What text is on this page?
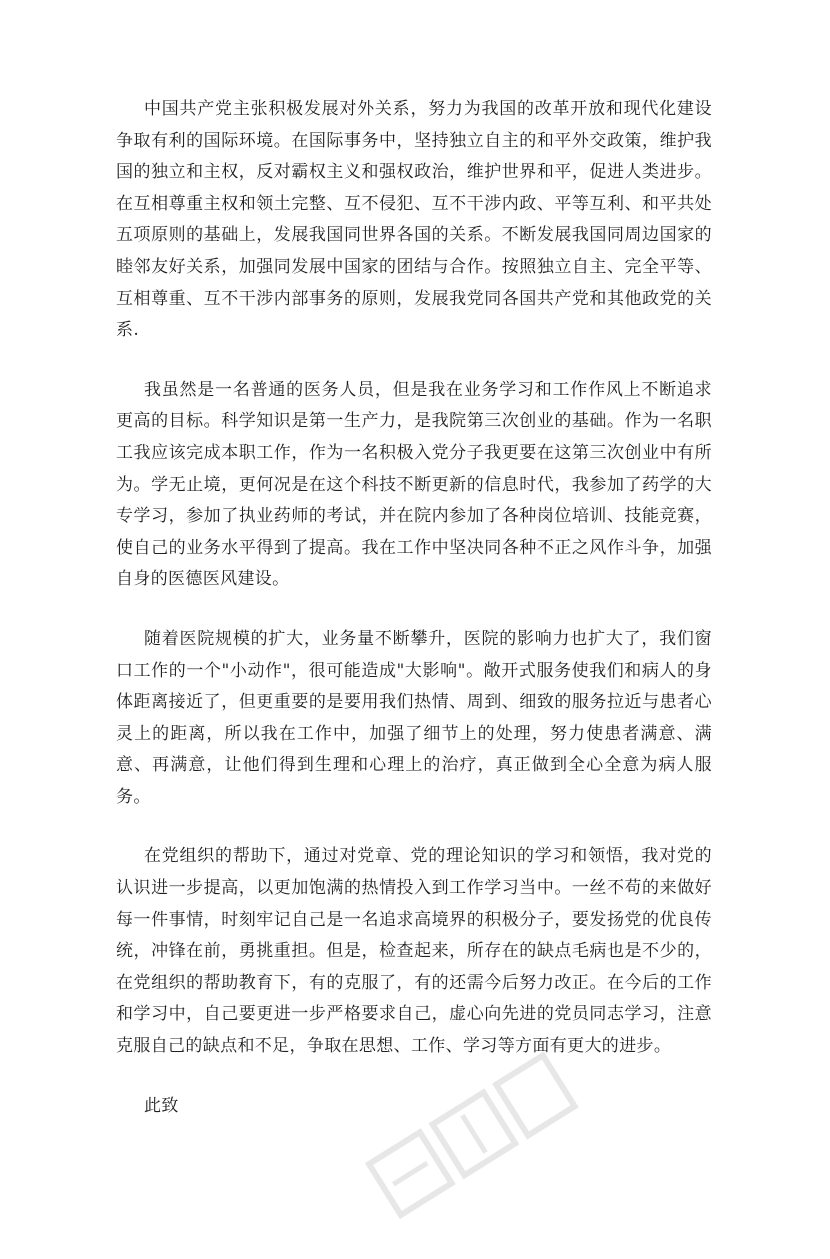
中国共产党主张积极发展对外关系，努力为我国的改革开放和现代化建设争取有利的国际环境。在国际事务中，坚持独立自主的和平外交政策，维护我国的独立和主权，反对霸权主义和强权政治，维护世界和平，促进人类进步。在互相尊重主权和领土完整、互不侵犯、互不干涉内政、平等互利、和平共处五项原则的基础上，发展我国同世界各国的关系。不断发展我国同周边国家的睦邻友好关系，加强同发展中国家的团结与合作。按照独立自主、完全平等、互相尊重、互不干涉内部事务的原则，发展我党同各国共产党和其他政党的关系.

我虽然是一名普通的医务人员，但是我在业务学习和工作作风上不断追求更高的目标。科学知识是第一生产力，是我院第三次创业的基础。作为一名职工我应该完成本职工作，作为一名积极入党分子我更要在这第三次创业中有所为。学无止境，更何况是在这个科技不断更新的信息时代，我参加了药学的大专学习，参加了执业药师的考试，并在院内参加了各种岗位培训、技能竞赛，使自己的业务水平得到了提高。我在工作中坚决同各种不正之风作斗争，加强自身的医德医风建设。

随着医院规模的扩大，业务量不断攀升，医院的影响力也扩大了，我们窗口工作的一个"小动作"，很可能造成"大影响"。敞开式服务使我们和病人的身体距离接近了，但更重要的是要用我们热情、周到、细致的服务拉近与患者心灵上的距离，所以我在工作中，加强了细节上的处理，努力使患者满意、满意、再满意，让他们得到生理和心理上的治疗，真正做到全心全意为病人服务。

在党组织的帮助下，通过对党章、党的理论知识的学习和领悟，我对党的认识进一步提高，以更加饱满的热情投入到工作学习当中。一丝不苟的来做好每一件事情，时刻牢记自己是一名追求高境界的积极分子，要发扬党的优良传统，冲锋在前，勇挑重担。但是，检查起来，所存在的缺点毛病也是不少的，在党组织的帮助教育下，有的克服了，有的还需今后努力改正。在今后的工作和学习中，自己要更进一步严格要求自己，虚心向先进的党员同志学习，注意克服自己的缺点和不足，争取在思想、工作、学习等方面有更大的进步。

此致
